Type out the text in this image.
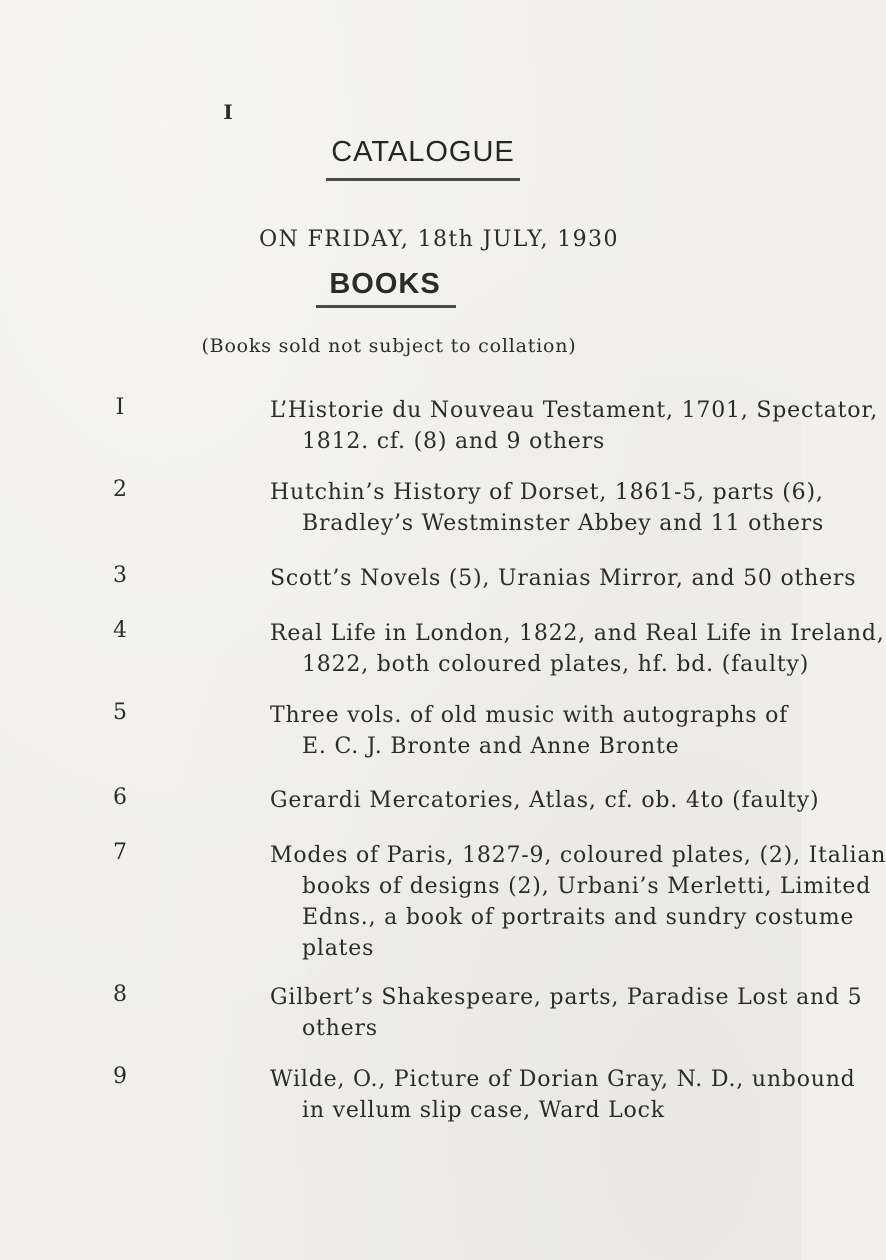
I
CATALOGUE
ON FRIDAY, 18th JULY, 1930
BOOKS
(Books sold not subject to collation)
I	L’Historie du Nouveau Testament, 1701, Spectator,
1812. cf. (8) and 9 others
2	Hutchin’s History of Dorset, 1861-5, parts (6),
Bradley’s Westminster Abbey and 11 others
3	Scott’s Novels (5), Uranias Mirror, and 50 others
4	Real Life in London, 1822, and Real Life in Ireland,
1822, both coloured plates, hf. bd. (faulty)
5	Three vols. of old music with autographs of
E. C. J. Bronte and Anne Bronte
6	Gerardi Mercatories, Atlas, cf. ob. 4to (faulty)
7	Modes of Paris, 1827-9, coloured plates, (2), Italian
books of designs (2), Urbani’s Merletti, Limited
Edns., a book of portraits and sundry costume
plates
8	Gilbert’s Shakespeare, parts, Paradise Lost and 5
others
9	Wilde, O., Picture of Dorian Gray, N. D., unbound
in vellum slip case, Ward Lock
